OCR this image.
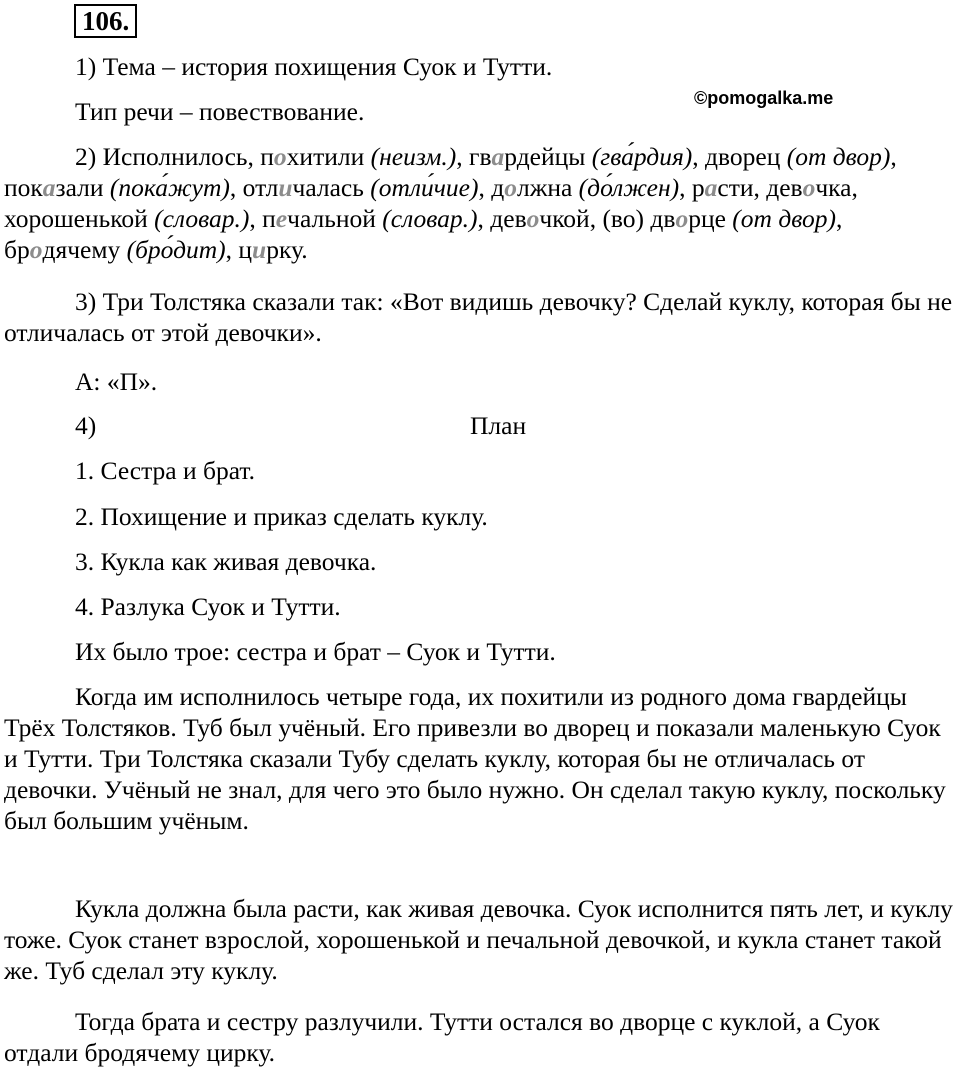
106.
©pomogalka.me

1) Тема – история похищения Суок и Тутти.

Тип речи – повествование.

2) Исполнилось, похитили (неизм.), гвардейцы (гва́рдия), дворец (от двор), показали (пока́жут), отличалась (отли́чие), должна (до́лжен), расти, девочка, хорошенькой (словар.), печальной (словар.), девочкой, (во) дворце (от двор), бродячему (бро́дит), цирку.

3) Три Толстяка сказали так: «Вот видишь девочку? Сделай куклу, которая бы не отличалась от этой девочки».

А: «П».

4)	План

1. Сестра и брат.

2. Похищение и приказ сделать куклу.

3. Кукла как живая девочка.

4. Разлука Суок и Тутти.

Их было трое: сестра и брат – Суок и Тутти.

Когда им исполнилось четыре года, их похитили из родного дома гвардейцы Трёх Толстяков. Туб был учёный. Его привезли во дворец и показали маленькую Суок и Тутти. Три Толстяка сказали Тубу сделать куклу, которая бы не отличалась от девочки. Учёный не знал, для чего это было нужно. Он сделал такую куклу, поскольку был большим учёным.

Кукла должна была расти, как живая девочка. Суок исполнится пять лет, и куклу тоже. Суок станет взрослой, хорошенькой и печальной девочкой, и кукла станет такой же. Туб сделал эту куклу.

Тогда брата и сестру разлучили. Тутти остался во дворце с куклой, а Суок отдали бродячему цирку.
